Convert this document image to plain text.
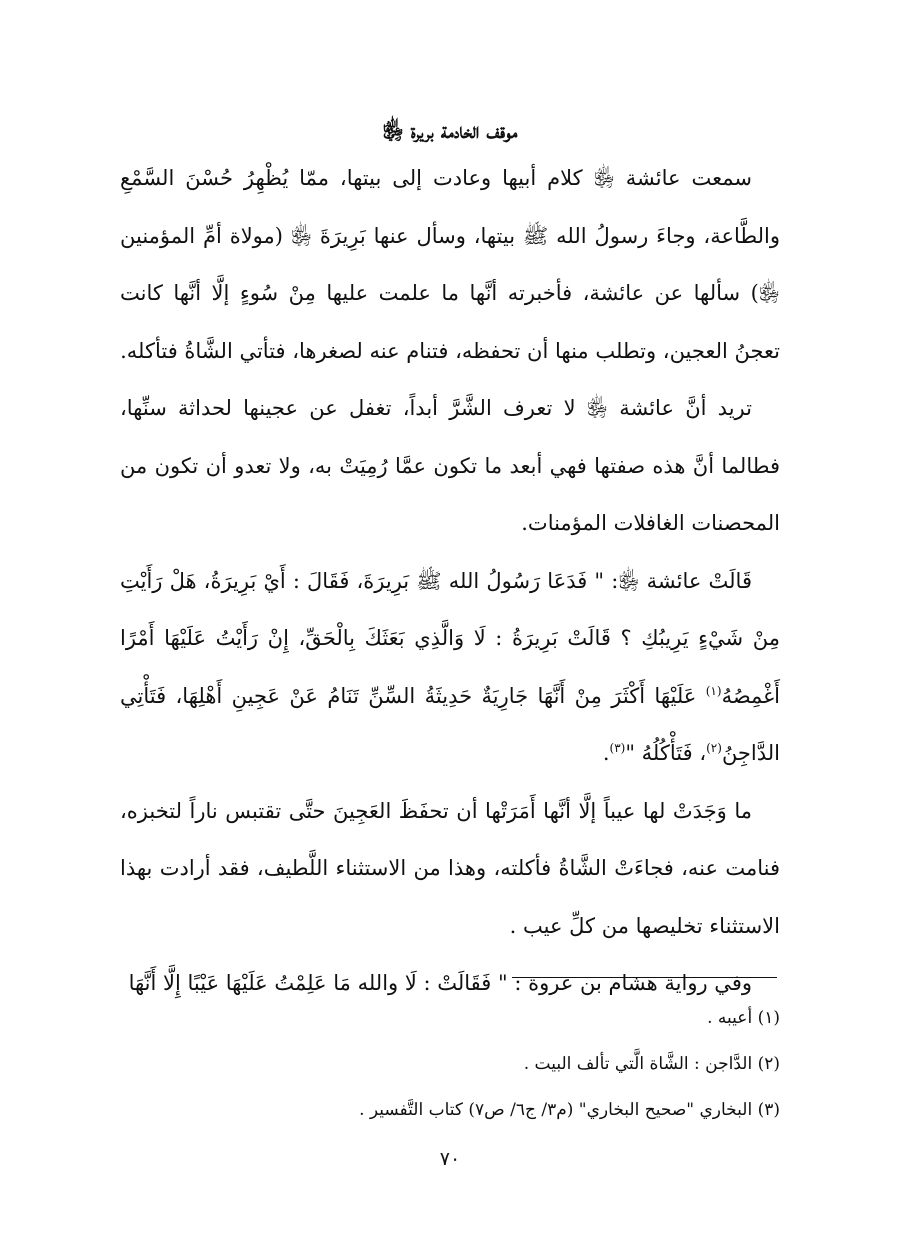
موقف الخادمة بريرة ﵂

سمعت عائشة ﵂ كلام أبيها وعادت إلى بيتها، ممّا يُظْهِرُ حُسْنَ السَّمْعِ والطَّاعة، وجاءَ رسولُ الله ﷺ بيتها، وسأل عنها بَرِيرَةَ ﵂ (مولاة أمِّ المؤمنين ﵂) سألها عن عائشة، فأخبرته أنَّها ما علمت عليها مِنْ سُوءٍ إلَّا أنَّها كانت تعجنُ العجين، وتطلب منها أن تحفظه، فتنام عنه لصغرها، فتأتي الشَّاةُ فتأكله.

تريد أنَّ عائشة ﵂ لا تعرف الشَّرَّ أبداً، تغفل عن عجينها لحداثة سنِّها، فطالما أنَّ هذه صفتها فهي أبعد ما تكون عمَّا رُمِيَتْ به، ولا تعدو أن تكون من المحصنات الغافلات المؤمنات.

قَالَتْ عائشة ﵂: " فَدَعَا رَسُولُ الله ﷺ بَرِيرَةَ، فَقَالَ : أَيْ بَرِيرَةُ، هَلْ رَأَيْتِ مِنْ شَيْءٍ يَرِيبُكِ ؟ قَالَتْ بَرِيرَةُ : لَا وَالَّذِي بَعَثَكَ بِالْحَقِّ، إِنْ رَأَيْتُ عَلَيْهَا أَمْرًا أَغْمِصُهُ$^{(١)}$ عَلَيْهَا أَكْثَرَ مِنْ أَنَّهَا جَارِيَةٌ حَدِيثَةُ السِّنِّ تَنَامُ عَنْ عَجِينِ أَهْلِهَا، فَتَأْتِي الدَّاجِنُ$^{(٢)}$، فَتَأْكُلُهُ "$^{(٣)}$.

ما وَجَدَتْ لها عيباً إلَّا أنَّها أَمَرَتْها أن تحفَظَ العَجِينَ حتَّى تقتبس ناراً لتخبزه، فنامت عنه، فجاءَتْ الشَّاةُ فأكلته، وهذا من الاستثناء اللَّطيف، فقد أرادت بهذا الاستثناء تخليصها من كلِّ عيب .

وفي رواية هشام بن عروة : " فَقَالَتْ : لَا والله مَا عَلِمْتُ عَلَيْهَا عَيْبًا إِلَّا أَنَّهَا

(١) أعيبه .
(٢) الدَّاجن : الشَّاة الَّتي تألف البيت .
(٣) البخاري "صحيح البخاري" (م٣/ ج٦/ ص٧) كتاب التَّفسير .
٧٠
